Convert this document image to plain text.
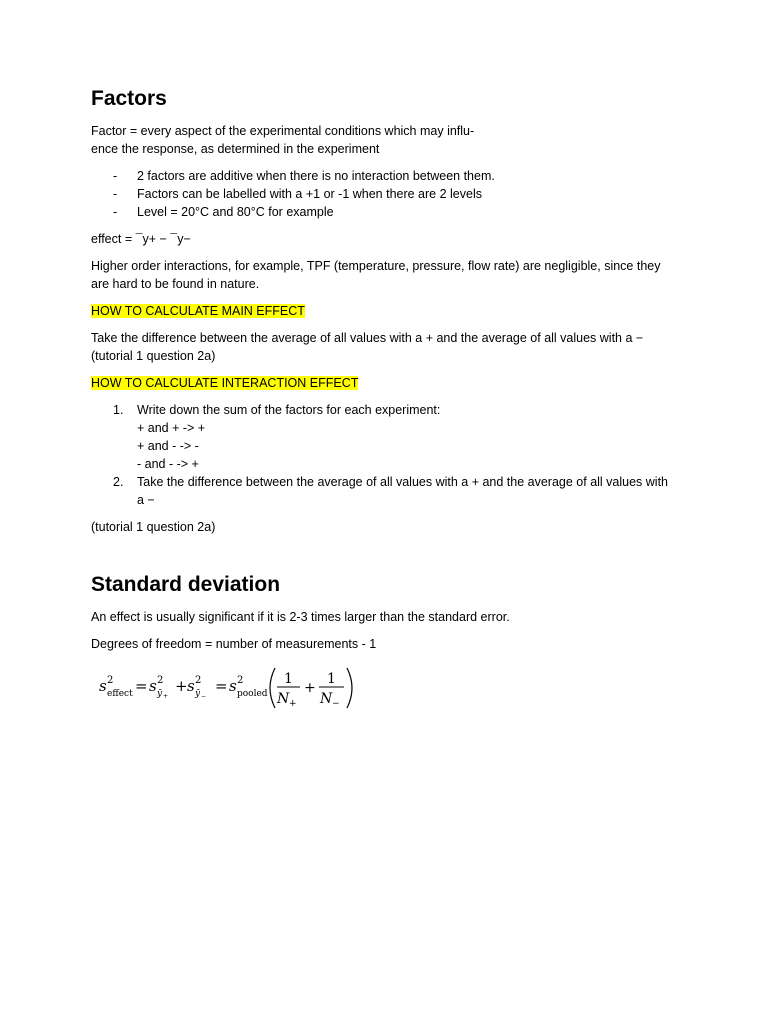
Factors

Factor = every aspect of the experimental conditions which may influ-
ence the response, as determined in the experiment

- 2 factors are additive when there is no interaction between them.
- Factors can be labelled with a +1 or -1 when there are 2 levels
- Level = 20°C and 80°C for example

effect = ¯y+ − ¯y−

Higher order interactions, for example, TPF (temperature, pressure, flow rate) are negligible, since they are hard to be found in nature.

HOW TO CALCULATE MAIN EFFECT

Take the difference between the average of all values with a + and the average of all values with a − (tutorial 1 question 2a)

HOW TO CALCULATE INTERACTION EFFECT

1. Write down the sum of the factors for each experiment:
+ and + -> +
+ and - -> -
- and - -> +
2. Take the difference between the average of all values with a + and the average of all values with a −

(tutorial 1 question 2a)

Standard deviation

An effect is usually significant if it is 2-3 times larger than the standard error.

Degrees of freedom = number of measurements - 1

s 2
effect = s 2
ȳ +
+ s 2
ȳ −
= s 2
pooled
1
N +
+
1
N −
